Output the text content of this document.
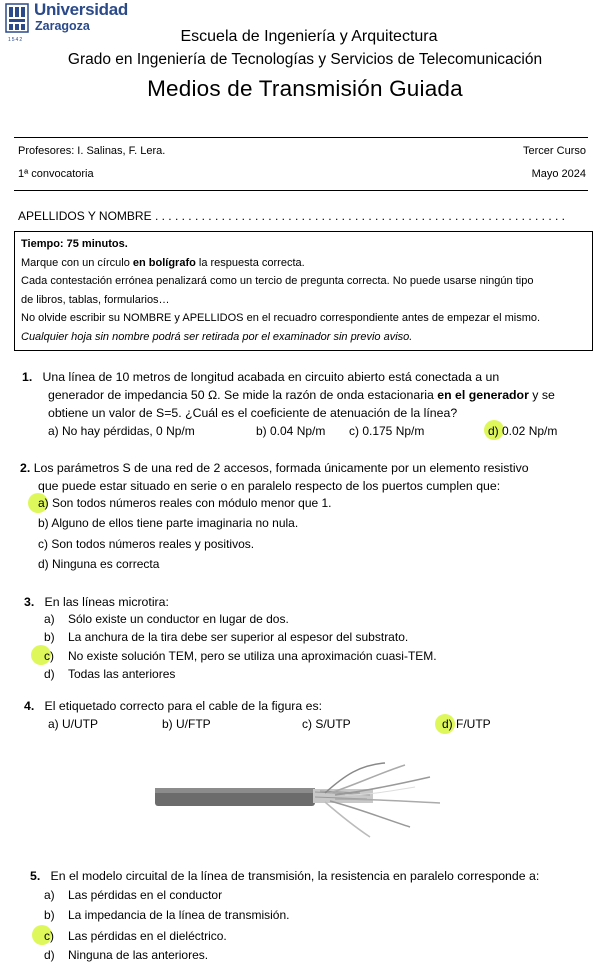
1542
Universidad
Zaragoza
Escuela de Ingeniería y Arquitectura
Grado en Ingeniería de Tecnologías y Servicios de Telecomunicación
Medios de Transmisión Guiada
Profesores: I. Salinas, F. Lera.	Tercer Curso
1ª convocatoria	Mayo 2024
APELLIDOS Y NOMBRE . . . . . . . . . . . . . . . . . . . . . . . . . . . . . . . . . . . . . . . . . . . . . . . . . . . . . . . . . . . . . .

Tiempo: 75 minutos.

Marque con un círculo en bolígrafo la respuesta correcta.

Cada contestación errónea penalizará como un tercio de pregunta correcta. No puede usarse ningún tipo

de libros, tablas, formularios…

No olvide escribir su NOMBRE y APELLIDOS en el recuadro correspondiente antes de empezar el mismo.

Cualquier hoja sin nombre podrá ser retirada por el examinador sin previo aviso.

1. Una línea de 10 metros de longitud acabada en circuito abierto está conectada a un
generador de impedancia 50 Ω. Se mide la razón de onda estacionaria en el generador y se
obtiene un valor de S=5. ¿Cuál es el coeficiente de atenuación de la línea?
a) No hay pérdidas, 0 Np/m	b) 0.04 Np/m c) 0.175 Np/m	d) 0.02 Np/m
2. Los parámetros S de una red de 2 accesos, formada únicamente por un elemento resistivo
que puede estar situado en serie o en paralelo respecto de los puertos cumplen que:
a) Son todos números reales con módulo menor que 1.
b) Alguno de ellos tiene parte imaginaria no nula.
c) Son todos números reales y positivos.
d) Ninguna es correcta
3. En las líneas microtira:
a) Sólo existe un conductor en lugar de dos.
b) La anchura de la tira debe ser superior al espesor del substrato.
c) No existe solución TEM, pero se utiliza una aproximación cuasi-TEM.
d) Todas las anteriores
4. El etiquetado correcto para el cable de la figura es:
a) U/UTP	b) U/FTP	c) S/UTP	d) F/UTP
5. En el modelo circuital de la línea de transmisión, la resistencia en paralelo corresponde a:
a) Las pérdidas en el conductor
b) La impedancia de la línea de transmisión.
c) Las pérdidas en el dieléctrico.
d) Ninguna de las anteriores.
